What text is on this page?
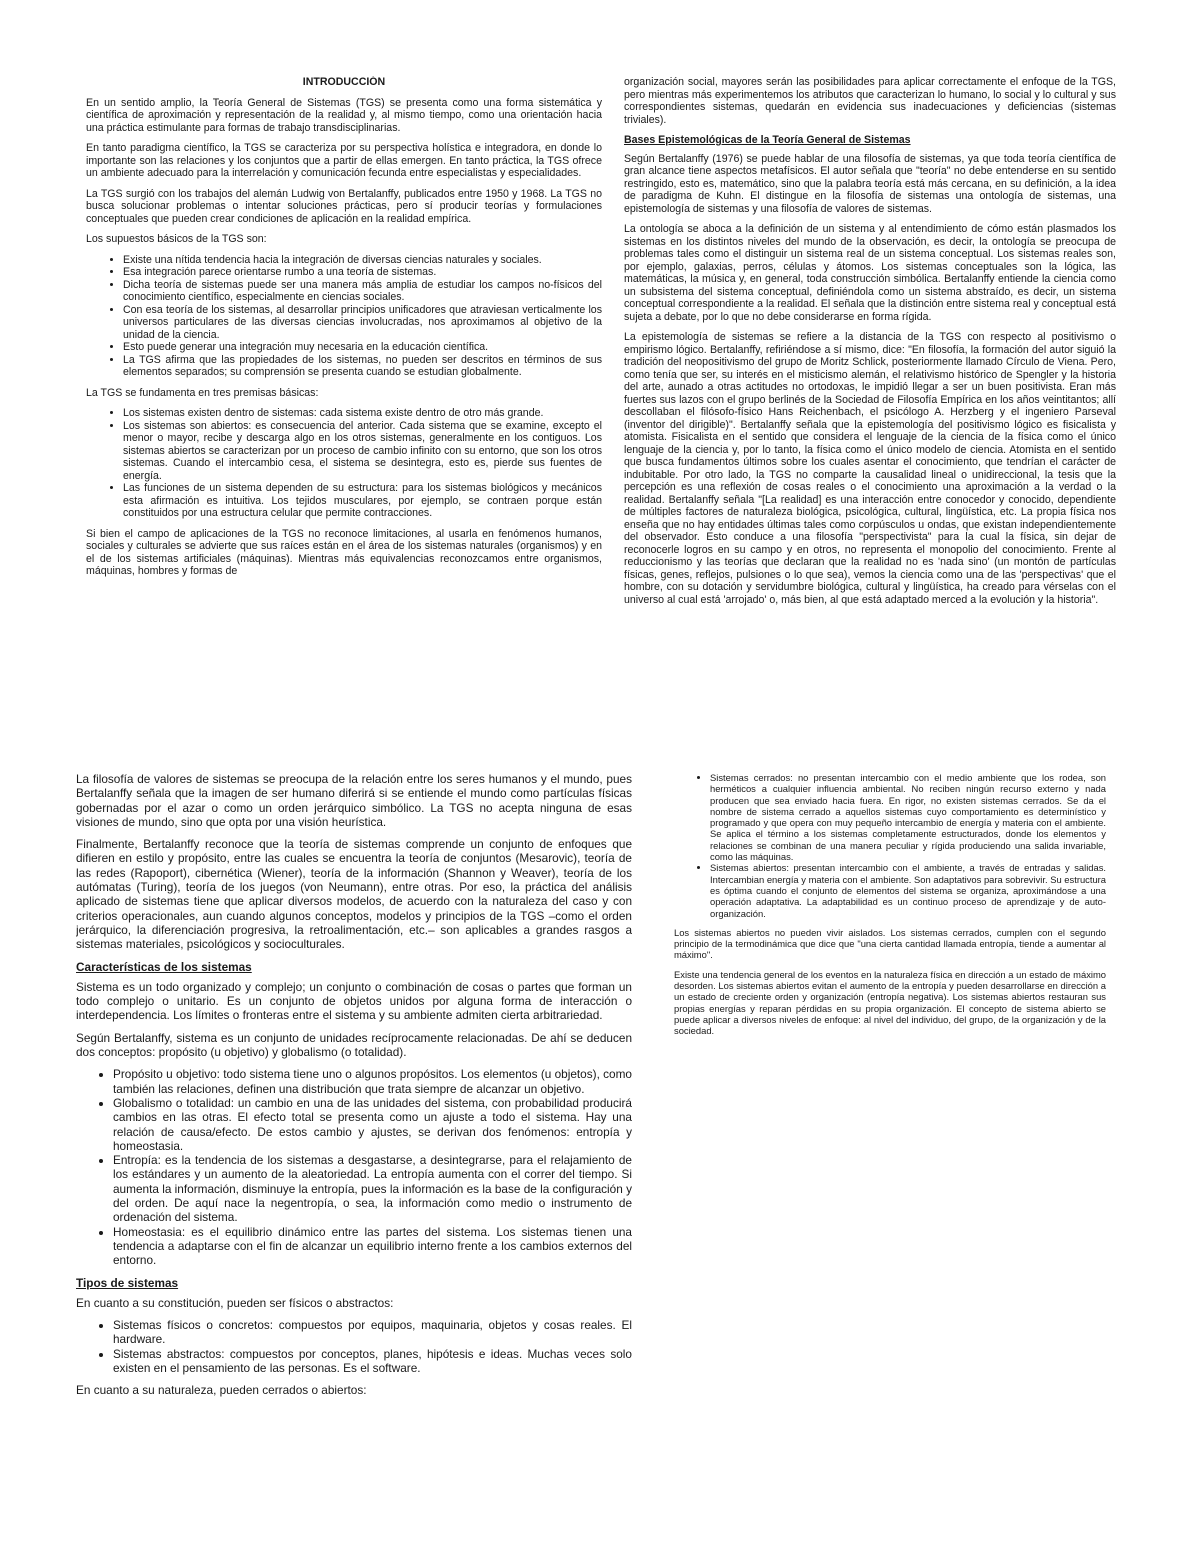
INTRODUCCIÓN

En un sentido amplio, la Teoría General de Sistemas (TGS) se presenta como una forma sistemática y científica de aproximación y representación de la realidad y, al mismo tiempo, como una orientación hacia una práctica estimulante para formas de trabajo transdisciplinarias.

En tanto paradigma científico, la TGS se caracteriza por su perspectiva holística e integradora, en donde lo importante son las relaciones y los conjuntos que a partir de ellas emergen. En tanto práctica, la TGS ofrece un ambiente adecuado para la interrelación y comunicación fecunda entre especialistas y especialidades.

La TGS surgió con los trabajos del alemán Ludwig von Bertalanffy, publicados entre 1950 y 1968. La TGS no busca solucionar problemas o intentar soluciones prácticas, pero sí producir teorías y formulaciones conceptuales que pueden crear condiciones de aplicación en la realidad empírica.

Los supuestos básicos de la TGS son:

• Existe una nítida tendencia hacia la integración de diversas ciencias naturales y sociales.
• Esa integración parece orientarse rumbo a una teoría de sistemas.
• Dicha teoría de sistemas puede ser una manera más amplia de estudiar los campos no-físicos del conocimiento científico, especialmente en ciencias sociales.
• Con esa teoría de los sistemas, al desarrollar principios unificadores que atraviesan verticalmente los universos particulares de las diversas ciencias involucradas, nos aproximamos al objetivo de la unidad de la ciencia.
• Esto puede generar una integración muy necesaria en la educación científica.
• La TGS afirma que las propiedades de los sistemas, no pueden ser descritos en términos de sus elementos separados; su comprensión se presenta cuando se estudian globalmente.

La TGS se fundamenta en tres premisas básicas:

• Los sistemas existen dentro de sistemas: cada sistema existe dentro de otro más grande.
• Los sistemas son abiertos: es consecuencia del anterior. Cada sistema que se examine, excepto el menor o mayor, recibe y descarga algo en los otros sistemas, generalmente en los contiguos. Los sistemas abiertos se caracterizan por un proceso de cambio infinito con su entorno, que son los otros sistemas. Cuando el intercambio cesa, el sistema se desintegra, esto es, pierde sus fuentes de energía.
• Las funciones de un sistema dependen de su estructura: para los sistemas biológicos y mecánicos esta afirmación es intuitiva. Los tejidos musculares, por ejemplo, se contraen porque están constituidos por una estructura celular que permite contracciones.

Si bien el campo de aplicaciones de la TGS no reconoce limitaciones, al usarla en fenómenos humanos, sociales y culturales se advierte que sus raíces están en el área de los sistemas naturales (organismos) y en el de los sistemas artificiales (máquinas). Mientras más equivalencias reconozcamos entre organismos, máquinas, hombres y formas de

organización social, mayores serán las posibilidades para aplicar correctamente el enfoque de la TGS, pero mientras más experimentemos los atributos que caracterizan lo humano, lo social y lo cultural y sus correspondientes sistemas, quedarán en evidencia sus inadecuaciones y deficiencias (sistemas triviales).

Bases Epistemológicas de la Teoría General de Sistemas

Según Bertalanffy (1976) se puede hablar de una filosofía de sistemas, ya que toda teoría científica de gran alcance tiene aspectos metafísicos. El autor señala que "teoría" no debe entenderse en su sentido restringido, esto es, matemático, sino que la palabra teoría está más cercana, en su definición, a la idea de paradigma de Kuhn. El distingue en la filosofía de sistemas una ontología de sistemas, una epistemología de sistemas y una filosofía de valores de sistemas.

La ontología se aboca a la definición de un sistema y al entendimiento de cómo están plasmados los sistemas en los distintos niveles del mundo de la observación, es decir, la ontología se preocupa de problemas tales como el distinguir un sistema real de un sistema conceptual. Los sistemas reales son, por ejemplo, galaxias, perros, células y átomos. Los sistemas conceptuales son la lógica, las matemáticas, la música y, en general, toda construcción simbólica. Bertalanffy entiende la ciencia como un subsistema del sistema conceptual, definiéndola como un sistema abstraído, es decir, un sistema conceptual correspondiente a la realidad. El señala que la distinción entre sistema real y conceptual está sujeta a debate, por lo que no debe considerarse en forma rígida.

La epistemología de sistemas se refiere a la distancia de la TGS con respecto al positivismo o empirismo lógico. Bertalanffy, refiriéndose a sí mismo, dice: "En filosofía, la formación del autor siguió la tradición del neopositivismo del grupo de Moritz Schlick, posteriormente llamado Círculo de Viena. Pero, como tenía que ser, su interés en el misticismo alemán, el relativismo histórico de Spengler y la historia del arte, aunado a otras actitudes no ortodoxas, le impidió llegar a ser un buen positivista. Eran más fuertes sus lazos con el grupo berlinés de la Sociedad de Filosofía Empírica en los años veintitantos; allí descollaban el filósofo-físico Hans Reichenbach, el psicólogo A. Herzberg y el ingeniero Parseval (inventor del dirigible)". Bertalanffy señala que la epistemología del positivismo lógico es fisicalista y atomista. Fisicalista en el sentido que considera el lenguaje de la ciencia de la física como el único lenguaje de la ciencia y, por lo tanto, la física como el único modelo de ciencia. Atomista en el sentido que busca fundamentos últimos sobre los cuales asentar el conocimiento, que tendrían el carácter de indubitable. Por otro lado, la TGS no comparte la causalidad lineal o unidireccional, la tesis que la percepción es una reflexión de cosas reales o el conocimiento una aproximación a la verdad o la realidad. Bertalanffy señala "[La realidad] es una interacción entre conocedor y conocido, dependiente de múltiples factores de naturaleza biológica, psicológica, cultural, lingüística, etc. La propia física nos enseña que no hay entidades últimas tales como corpúsculos u ondas, que existan independientemente del observador. Esto conduce a una filosofía "perspectivista" para la cual la física, sin dejar de reconocerle logros en su campo y en otros, no representa el monopolio del conocimiento. Frente al reduccionismo y las teorías que declaran que la realidad no es 'nada sino' (un montón de partículas físicas, genes, reflejos, pulsiones o lo que sea), vemos la ciencia como una de las 'perspectivas' que el hombre, con su dotación y servidumbre biológica, cultural y lingüística, ha creado para vérselas con el universo al cual está 'arrojado' o, más bien, al que está adaptado merced a la evolución y la historia".

La filosofía de valores de sistemas se preocupa de la relación entre los seres humanos y el mundo, pues Bertalanffy señala que la imagen de ser humano diferirá si se entiende el mundo como partículas físicas gobernadas por el azar o como un orden jerárquico simbólico. La TGS no acepta ninguna de esas visiones de mundo, sino que opta por una visión heurística.

Finalmente, Bertalanffy reconoce que la teoría de sistemas comprende un conjunto de enfoques que difieren en estilo y propósito, entre las cuales se encuentra la teoría de conjuntos (Mesarovic), teoría de las redes (Rapoport), cibernética (Wiener), teoría de la información (Shannon y Weaver), teoría de los autómatas (Turing), teoría de los juegos (von Neumann), entre otras. Por eso, la práctica del análisis aplicado de sistemas tiene que aplicar diversos modelos, de acuerdo con la naturaleza del caso y con criterios operacionales, aun cuando algunos conceptos, modelos y principios de la TGS –como el orden jerárquico, la diferenciación progresiva, la retroalimentación, etc.– son aplicables a grandes rasgos a sistemas materiales, psicológicos y socioculturales.

Características de los sistemas

Sistema es un todo organizado y complejo; un conjunto o combinación de cosas o partes que forman un todo complejo o unitario. Es un conjunto de objetos unidos por alguna forma de interacción o interdependencia. Los límites o fronteras entre el sistema y su ambiente admiten cierta arbitrariedad.

Según Bertalanffy, sistema es un conjunto de unidades recíprocamente relacionadas. De ahí se deducen dos conceptos: propósito (u objetivo) y globalismo (o totalidad).

• Propósito u objetivo: todo sistema tiene uno o algunos propósitos. Los elementos (u objetos), como también las relaciones, definen una distribución que trata siempre de alcanzar un objetivo.
• Globalismo o totalidad: un cambio en una de las unidades del sistema, con probabilidad producirá cambios en las otras. El efecto total se presenta como un ajuste a todo el sistema. Hay una relación de causa/efecto. De estos cambio y ajustes, se derivan dos fenómenos: entropía y homeostasia.
• Entropía: es la tendencia de los sistemas a desgastarse, a desintegrarse, para el relajamiento de los estándares y un aumento de la aleatoriedad. La entropía aumenta con el correr del tiempo. Si aumenta la información, disminuye la entropía, pues la información es la base de la configuración y del orden. De aquí nace la negentropía, o sea, la información como medio o instrumento de ordenación del sistema.
• Homeostasia: es el equilibrio dinámico entre las partes del sistema. Los sistemas tienen una tendencia a adaptarse con el fin de alcanzar un equilibrio interno frente a los cambios externos del entorno.
Tipos de sistemas

En cuanto a su constitución, pueden ser físicos o abstractos:

• Sistemas físicos o concretos: compuestos por equipos, maquinaria, objetos y cosas reales. El hardware.
• Sistemas abstractos: compuestos por conceptos, planes, hipótesis e ideas. Muchas veces solo existen en el pensamiento de las personas. Es el software.

En cuanto a su naturaleza, pueden cerrados o abiertos:

• Sistemas cerrados: no presentan intercambio con el medio ambiente que los rodea, son herméticos a cualquier influencia ambiental. No reciben ningún recurso externo y nada producen que sea enviado hacia fuera. En rigor, no existen sistemas cerrados. Se da el nombre de sistema cerrado a aquellos sistemas cuyo comportamiento es determinístico y programado y que opera con muy pequeño intercambio de energía y materia con el ambiente. Se aplica el término a los sistemas completamente estructurados, donde los elementos y relaciones se combinan de una manera peculiar y rígida produciendo una salida invariable, como las máquinas.
• Sistemas abiertos: presentan intercambio con el ambiente, a través de entradas y salidas. Intercambian energía y materia con el ambiente. Son adaptativos para sobrevivir. Su estructura es óptima cuando el conjunto de elementos del sistema se organiza, aproximándose a una operación adaptativa. La adaptabilidad es un continuo proceso de aprendizaje y de auto-organización.

Los sistemas abiertos no pueden vivir aislados. Los sistemas cerrados, cumplen con el segundo principio de la termodinámica que dice que "una cierta cantidad llamada entropía, tiende a aumentar al máximo".

Existe una tendencia general de los eventos en la naturaleza física en dirección a un estado de máximo desorden. Los sistemas abiertos evitan el aumento de la entropía y pueden desarrollarse en dirección a un estado de creciente orden y organización (entropía negativa). Los sistemas abiertos restauran sus propias energías y reparan pérdidas en su propia organización. El concepto de sistema abierto se puede aplicar a diversos niveles de enfoque: al nivel del individuo, del grupo, de la organización y de la sociedad.
